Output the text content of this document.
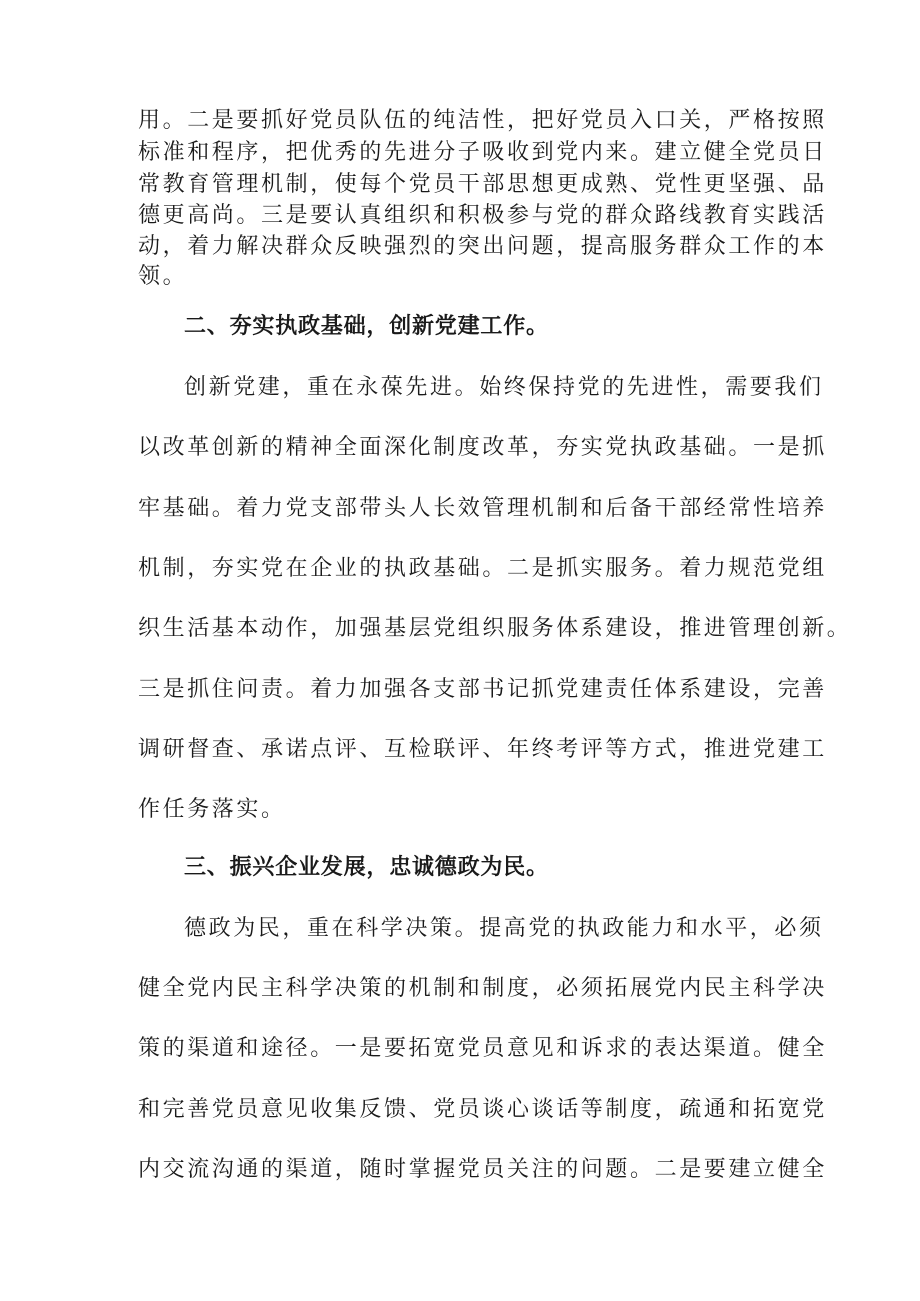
用。二是要抓好党员队伍的纯洁性，把好党员入口关，严格按照
标准和程序，把优秀的先进分子吸收到党内来。建立健全党员日
常教育管理机制，使每个党员干部思想更成熟、党性更坚强、品
德更高尚。三是要认真组织和积极参与党的群众路线教育实践活
动，着力解决群众反映强烈的突出问题，提高服务群众工作的本
领。
二、夯实执政基础，创新党建工作。
创新党建，重在永葆先进。始终保持党的先进性，需要我们
以改革创新的精神全面深化制度改革，夯实党执政基础。一是抓
牢基础。着力党支部带头人长效管理机制和后备干部经常性培养
机制，夯实党在企业的执政基础。二是抓实服务。着力规范党组
织生活基本动作，加强基层党组织服务体系建设，推进管理创新。
三是抓住问责。着力加强各支部书记抓党建责任体系建设，完善
调研督查、承诺点评、互检联评、年终考评等方式，推进党建工
作任务落实。
三、振兴企业发展，忠诚德政为民。
德政为民，重在科学决策。提高党的执政能力和水平，必须
健全党内民主科学决策的机制和制度，必须拓展党内民主科学决
策的渠道和途径。一是要拓宽党员意见和诉求的表达渠道。健全
和完善党员意见收集反馈、党员谈心谈话等制度，疏通和拓宽党
内交流沟通的渠道，随时掌握党员关注的问题。二是要建立健全
